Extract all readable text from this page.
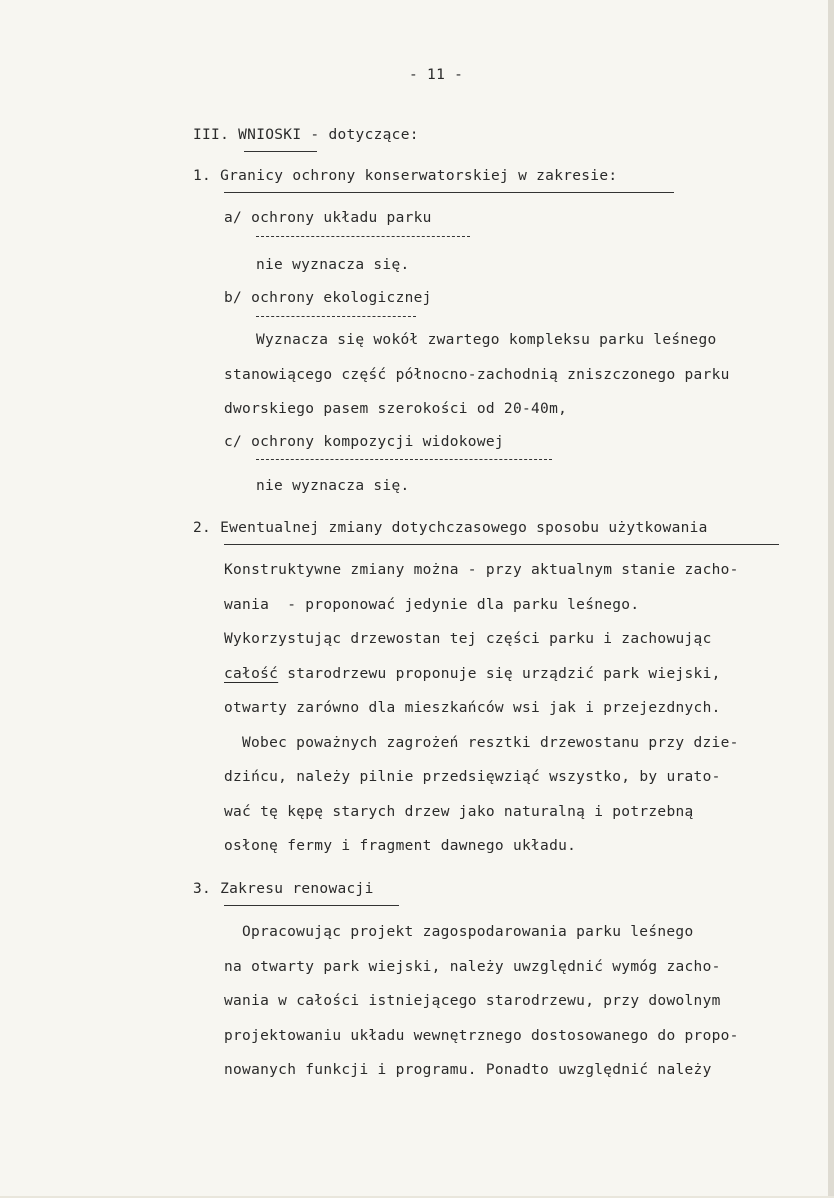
- 11 -
III. WNIOSKI - dotyczące:
1. Granicy ochrony konserwatorskiej w zakresie:
a/ ochrony układu parku
nie wyznacza się.
b/ ochrony ekologicznej
Wyznacza się wokół zwartego kompleksu parku leśnego
stanowiącego część północno-zachodnią zniszczonego parku
dworskiego pasem szerokości od 20-40m,
c/ ochrony kompozycji widokowej
nie wyznacza się.
2. Ewentualnej zmiany dotychczasowego sposobu użytkowania
Konstruktywne zmiany można - przy aktualnym stanie zacho-
wania  - proponować jedynie dla parku leśnego.
Wykorzystując drzewostan tej części parku i zachowując
całość starodrzewu proponuje się urządzić park wiejski,
otwarty zarówno dla mieszkańców wsi jak i przejezdnych.
Wobec poważnych zagrożeń resztki drzewostanu przy dzie-
dzińcu, należy pilnie przedsięwziąć wszystko, by urato-
wać tę kępę starych drzew jako naturalną i potrzebną
osłonę fermy i fragment dawnego układu.
3. Zakresu renowacji
Opracowując projekt zagospodarowania parku leśnego
na otwarty park wiejski, należy uwzględnić wymóg zacho-
wania w całości istniejącego starodrzewu, przy dowolnym
projektowaniu układu wewnętrznego dostosowanego do propo-
nowanych funkcji i programu. Ponadto uwzględnić należy
